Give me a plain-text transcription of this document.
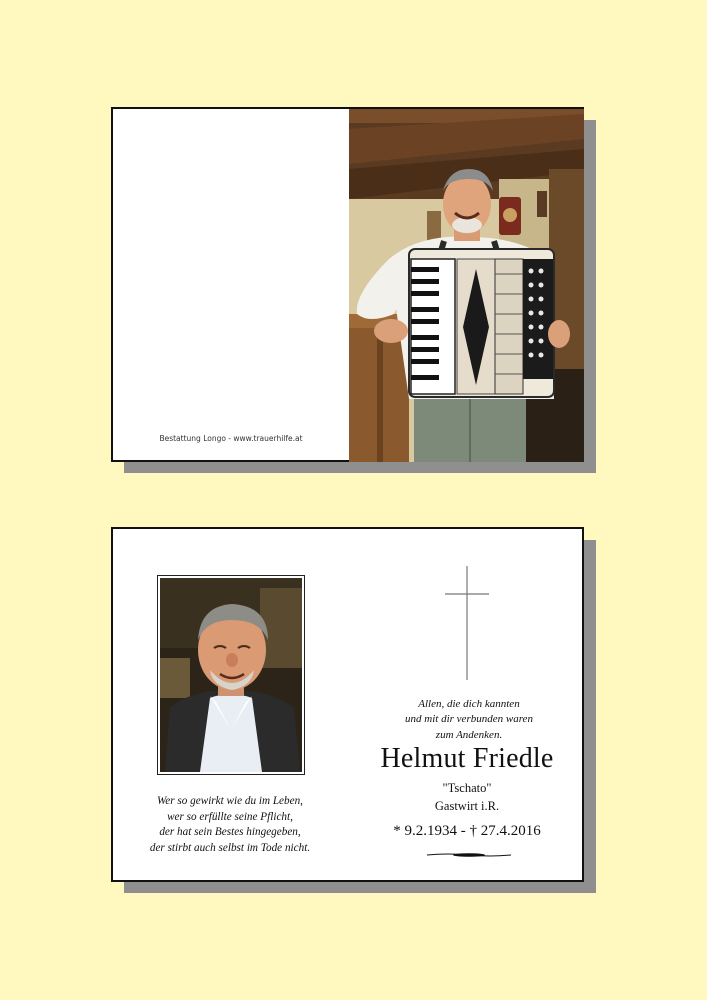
Bestattung Longo - www.trauerhilfe.at
Wer so gewirkt wie du im Leben,
wer so erfüllte seine Pflicht,
der hat sein Bestes hingegeben,
der stirbt auch selbst im Tode nicht.
Allen, die dich kannten
und mit dir verbunden waren
zum Andenken.
Helmut Friedle
"Tschato"
Gastwirt i.R.
* 9.2.1934 - † 27.4.2016
